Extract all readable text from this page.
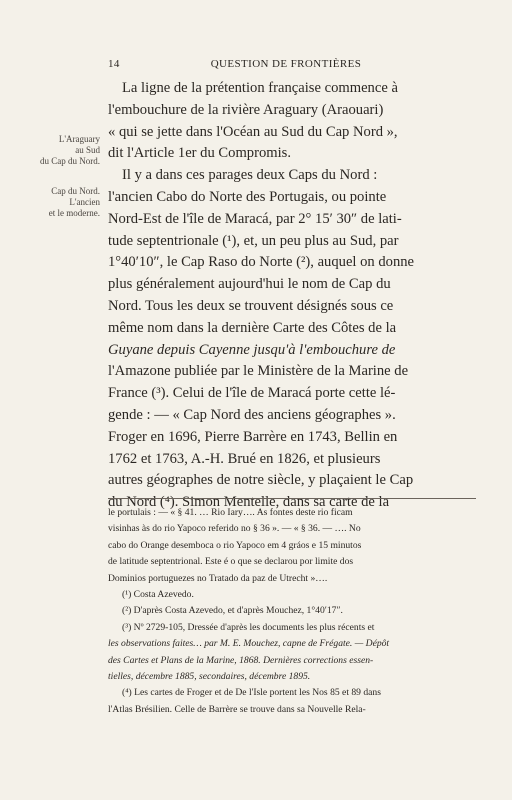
14	QUESTION DE FRONTIÈRES
L'Araguary
au Sud
du Cap du Nord.
Cap du Nord.
L'ancien
et le moderne.
La ligne de la prétention française commence à
l'embouchure de la rivière Araguary (Araouari)
« qui se jette dans l'Océan au Sud du Cap Nord »,
dit l'Article 1er du Compromis.
Il y a dans ces parages deux Caps du Nord :
l'ancien Cabo do Norte des Portugais, ou pointe
Nord-Est de l'île de Maracá, par 2° 15′ 30″ de lati-
tude septentrionale (¹), et, un peu plus au Sud, par
1°40′10″, le Cap Raso do Norte (²), auquel on donne
plus généralement aujourd'hui le nom de Cap du
Nord. Tous les deux se trouvent désignés sous ce
même nom dans la dernière Carte des Côtes de la
Guyane depuis Cayenne jusqu'à l'embouchure de
l'Amazone publiée par le Ministère de la Marine de
France (³). Celui de l'île de Maracá porte cette lé-
gende : — « Cap Nord des anciens géographes ».
Froger en 1696, Pierre Barrère en 1743, Bellin en
1762 et 1763, A.-H. Brué en 1826, et plusieurs
autres géographes de notre siècle, y plaçaient le Cap
du Nord (⁴). Simon Mentelle, dans sa carte de la
le portulais : — « § 41. … Rio Iary…. As fontes deste rio ficam
visinhas às do rio Yapoco referido no § 36 ». — « § 36. — …. No
cabo do Orange desemboca o rio Yapoco em 4 gráos e 15 minutos
de latitude septentrional. Este é o que se declarou por limite dos
Dominios portuguezes no Tratado da paz de Utrecht »….
(¹) Costa Azevedo.
(²) D'après Costa Azevedo, et d'après Mouchez, 1°40′17″.
(³) Nº 2729-105, Dressée d'après les documents les plus récents et
les observations faites… par M. E. Mouchez, capne de Frégate. — Dépôt
des Cartes et Plans de la Marine, 1868. Dernières corrections essen-
tielles, décembre 1885, secondaires, décembre 1895.
(⁴) Les cartes de Froger et de De l'Isle portent les Nos 85 et 89 dans
l'Atlas Brésilien. Celle de Barrère se trouve dans sa Nouvelle Rela-
